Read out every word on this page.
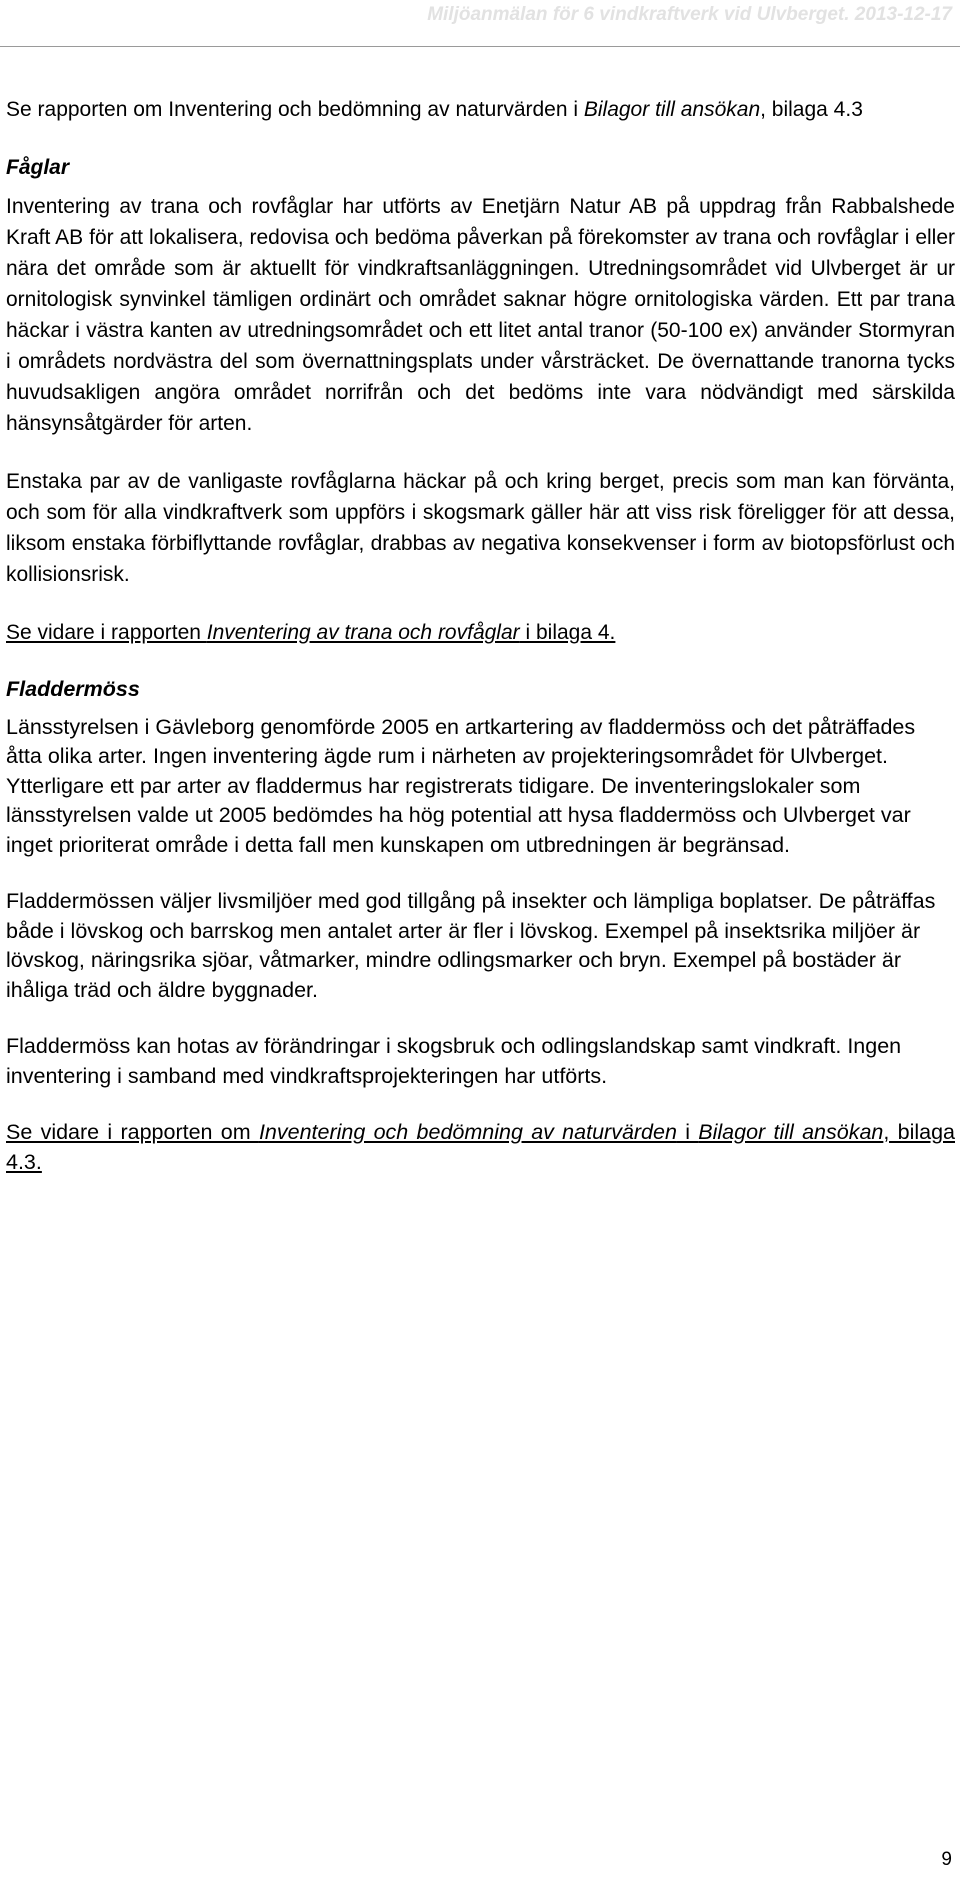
Miljöanmälan för 6 vindkraftverk vid Ulvberget. 2013-12-17

Se rapporten om Inventering och bedömning av naturvärden i Bilagor till ansökan, bilaga 4.3

Fåglar

Inventering av trana och rovfåglar har utförts av Enetjärn Natur AB på uppdrag från Rabbalshede Kraft AB för att lokalisera, redovisa och bedöma påverkan på förekomster av trana och rovfåglar i eller nära det område som är aktuellt för vindkraftsanläggningen. Utredningsområdet vid Ulvberget är ur ornitologisk synvinkel tämligen ordinärt och området saknar högre ornitologiska värden. Ett par trana häckar i västra kanten av utredningsområdet och ett litet antal tranor (50-100 ex) använder Stormyran i områdets nordvästra del som övernattningsplats under vårsträcket. De övernattande tranorna tycks huvudsakligen angöra området norrifrån och det bedöms inte vara nödvändigt med särskilda hänsynsåtgärder för arten.

Enstaka par av de vanligaste rovfåglarna häckar på och kring berget, precis som man kan förvänta, och som för alla vindkraftverk som uppförs i skogsmark gäller här att viss risk föreligger för att dessa, liksom enstaka förbiflyttande rovfåglar, drabbas av negativa konsekvenser i form av biotopsförlust och kollisionsrisk.

Se vidare i rapporten Inventering av trana och rovfåglar i bilaga 4.

Fladdermöss

Länsstyrelsen i Gävleborg genomförde 2005 en artkartering av fladdermöss och det påträffades åtta olika arter. Ingen inventering ägde rum i närheten av projekteringsområdet för Ulvberget. Ytterligare ett par arter av fladdermus har registrerats tidigare. De inventeringslokaler som länsstyrelsen valde ut 2005 bedömdes ha hög potential att hysa fladdermöss och Ulvberget var inget prioriterat område i detta fall men kunskapen om utbredningen är begränsad.

Fladdermössen väljer livsmiljöer med god tillgång på insekter och lämpliga boplatser. De påträffas både i lövskog och barrskog men antalet arter är fler i lövskog. Exempel på insektsrika miljöer är lövskog, näringsrika sjöar, våtmarker, mindre odlingsmarker och bryn. Exempel på bostäder är ihåliga träd och äldre byggnader.

Fladdermöss kan hotas av förändringar i skogsbruk och odlingslandskap samt vindkraft. Ingen inventering i samband med vindkraftsprojekteringen har utförts.

Se vidare i rapporten om Inventering och bedömning av naturvärden i Bilagor till ansökan, bilaga 4.3.

9
